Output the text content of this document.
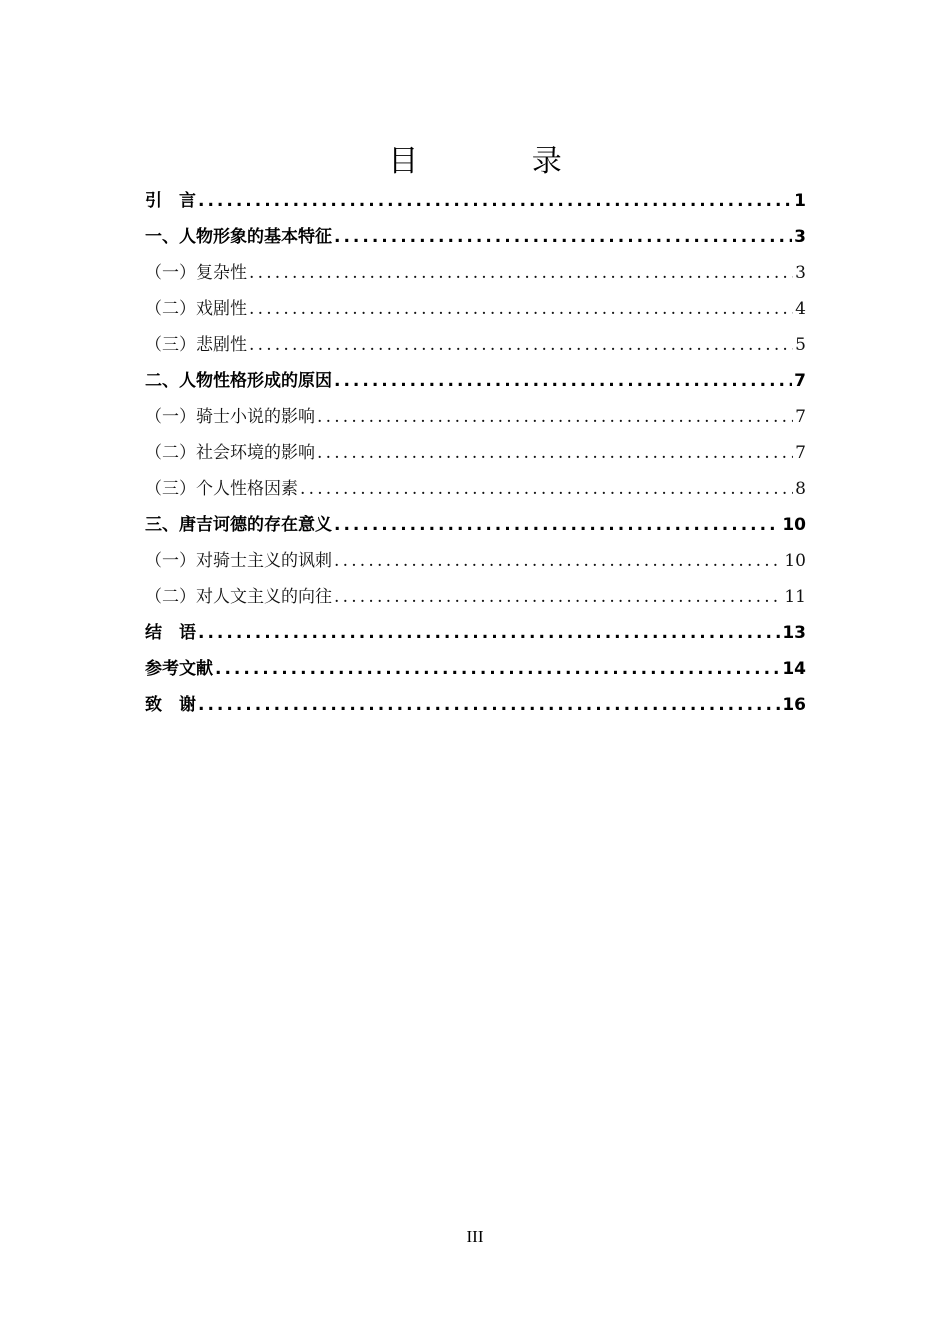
目 录
引　言 .....	1
一、人物形象的基本特征 .....	3
（一）复杂性 .....	3
（二）戏剧性 .....	4
（三）悲剧性 .....	5
二、人物性格形成的原因 .....	7
（一）骑士小说的影响 .....	7
（二）社会环境的影响 .....	7
（三）个人性格因素 .....	8
三、唐吉诃德的存在意义 .....	10
（一）对骑士主义的讽刺 .....	10
（二）对人文主义的向往 .....	11
结　语 .....	13
参考文献 .....	14
致　谢 .....	16
III
